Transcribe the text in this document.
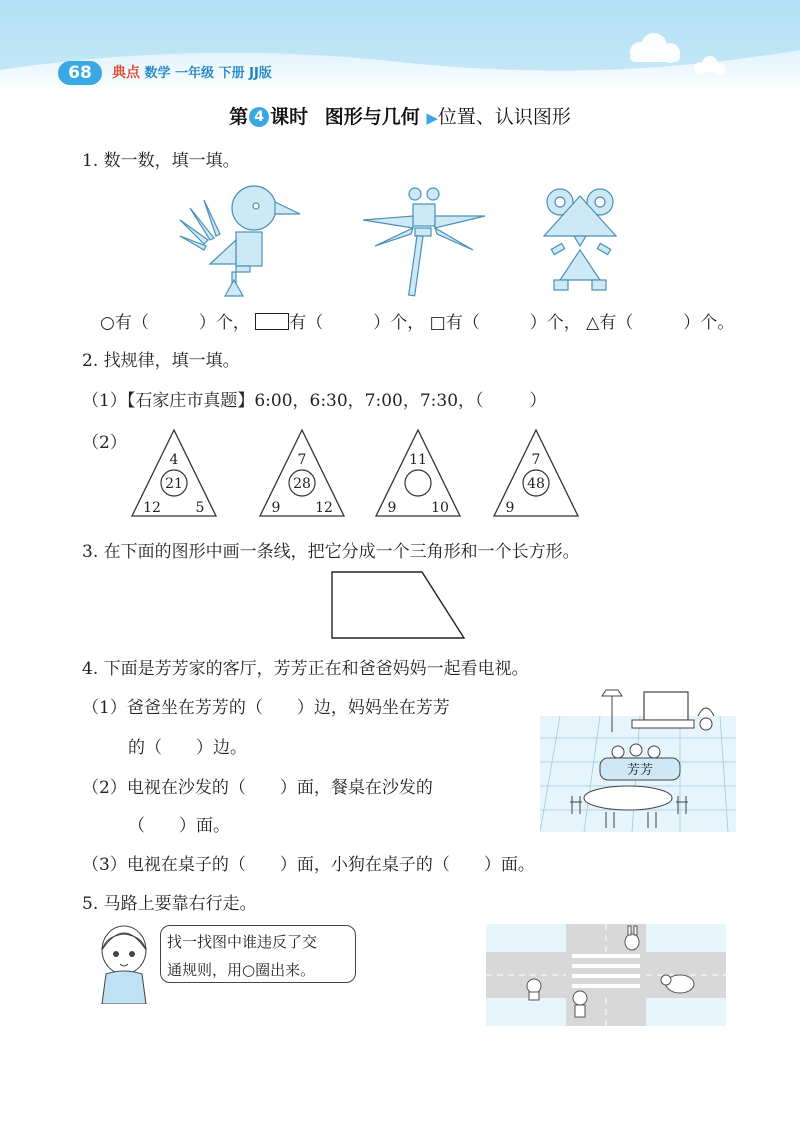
68	典点 数学 一年级 下册 JJ版
第 4 课时 图形与几何 ▶位置、认识图形
1. 数一数，填一填。
○有（	）个， 有（	）个， □有（	）个， △有（	）个。
2. 找规律，填一填。
（1）【石家庄市真题】6:00，6:30，7:00，7:30，（	）
（2）
4
21
12 5
7
28
9 12
11
9 10
7
48
9
3. 在下面的图形中画一条线，把它分成一个三角形和一个长方形。
4. 下面是芳芳家的客厅，芳芳正在和爸爸妈妈一起看电视。
（1）爸爸坐在芳芳的（　　）边，妈妈坐在芳芳
的（　　）边。
（2）电视在沙发的（　　）面，餐桌在沙发的
（　　）面。
（3）电视在桌子的（　　）面，小狗在桌子的（　　）面。
芳芳
5. 马路上要靠右行走。
找一找图中谁违反了交
通规则，用○圈出来。
